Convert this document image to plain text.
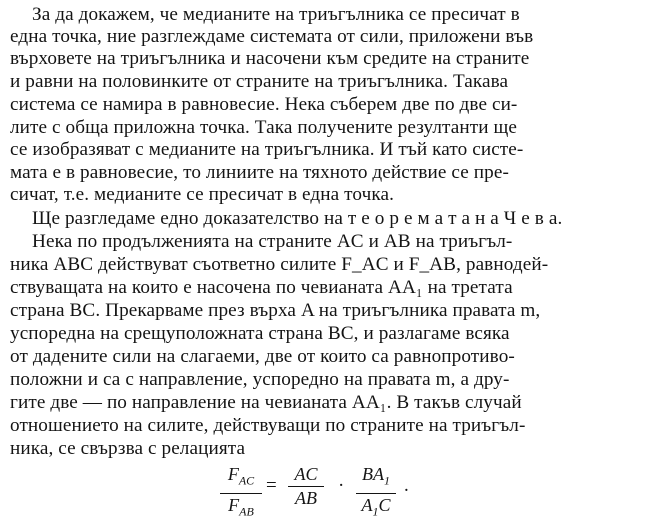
За да докажем, че медианите на триъгълника се пресичат в
една точка, ние разглеждаме системата от сили, приложени във
върховете на триъгълника и насочени към средите на страните
и равни на половинките от страните на триъгълника. Такава
система се намира в равновесие. Нека съберем две по две си-
лите с обща приложна точка. Така получените резултанти ще
се изобразяват с медианите на триъгълника. И тъй като систе-
мата е в равновесие, то линиите на тяхното действие се пре-
сичат, т.е. медианите се пресичат в една точка.
Ще разгледаме едно доказателство на т е о р е м а т а н а Ч е в а.
Нека по продълженията на страните AC и AB на триъгъл-
ника ABC действуват съответно силите F_AC и F_AB, равнодей-
ствуващата на които е насочена по чевианата AA₁ на третата
страна BC. Прекарваме през върха A на триъгълника правата m,
успоредна на срещуположната страна BC, и разлагаме всяка
от дадените сили на слагаеми, две от които са равнопротиво-
положни и са с направление, успоредно на правата m, а дру-
гите две — по направление на чевианата AA₁. В такъв случай
отношението на силите, действуващи по страните на триъгъл-
ника, се свързва с релацията
$F_{AC}$
$F_{AB}$
=
AC
AB
·
$BA_1$
$A_1C$
.
